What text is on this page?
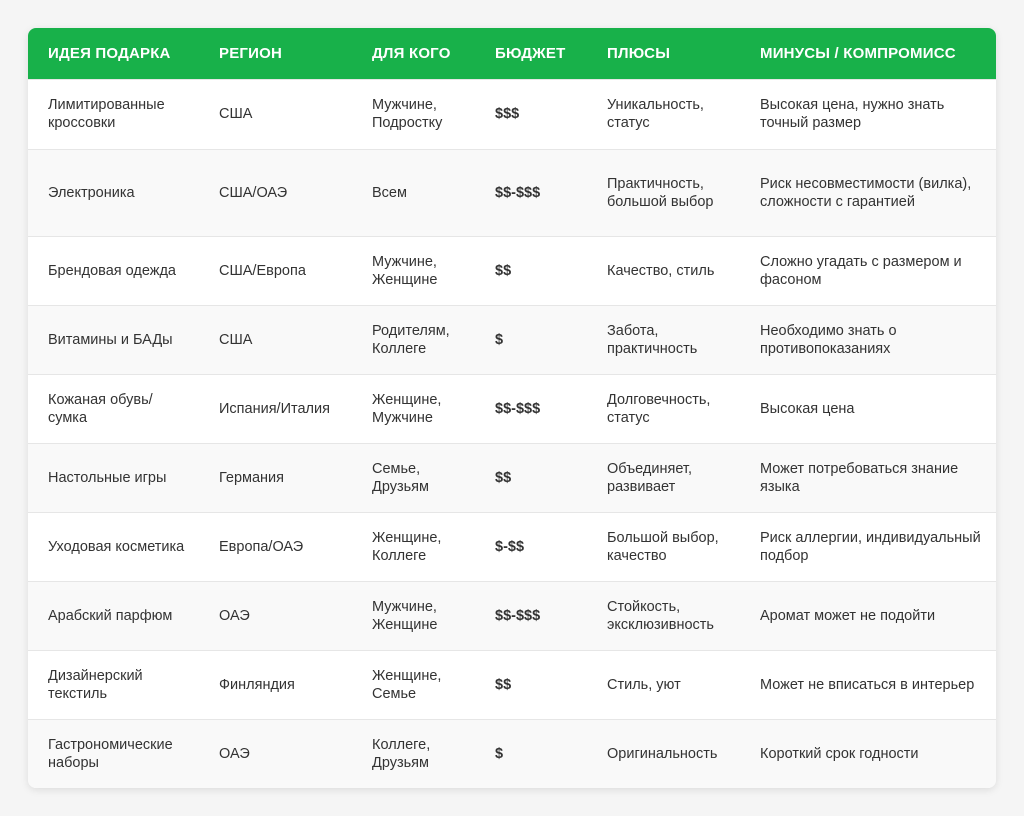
ИДЕЯ ПОДАРКА	РЕГИОН	ДЛЯ КОГО	БЮДЖЕТ	ПЛЮСЫ	МИНУСЫ / КОМПРОМИСС
Лимитированные кроссовки	США	Мужчине, Подростку	$$$	Уникальность, статус	Высокая цена, нужно знать точный размер
Электроника	США/ОАЭ	Всем	$$-$$$	Практичность, большой выбор	Риск несовместимости (вилка), сложности с гарантией
Брендовая одежда	США/Европа	Мужчине, Женщине	$$	Качество, стиль	Сложно угадать с размером и фасоном
Витамины и БАДы	США	Родителям, Коллеге	$	Забота, практичность	Необходимо знать о противопоказаниях
Кожаная обувь/сумка	Испания/Италия	Женщине, Мужчине	$$-$$$	Долговечность, статус	Высокая цена
Настольные игры	Германия	Семье, Друзьям	$$	Объединяет, развивает	Может потребоваться знание языка
Уходовая косметика	Европа/ОАЭ	Женщине, Коллеге	$-$$	Большой выбор, качество	Риск аллергии, индивидуальный подбор
Арабский парфюм	ОАЭ	Мужчине, Женщине	$$-$$$	Стойкость, эксклюзивность	Аромат может не подойти
Дизайнерский текстиль	Финляндия	Женщине, Семье	$$	Стиль, уют	Может не вписаться в интерьер
Гастрономические наборы	ОАЭ	Коллеге, Друзьям	$	Оригинальность	Короткий срок годности
